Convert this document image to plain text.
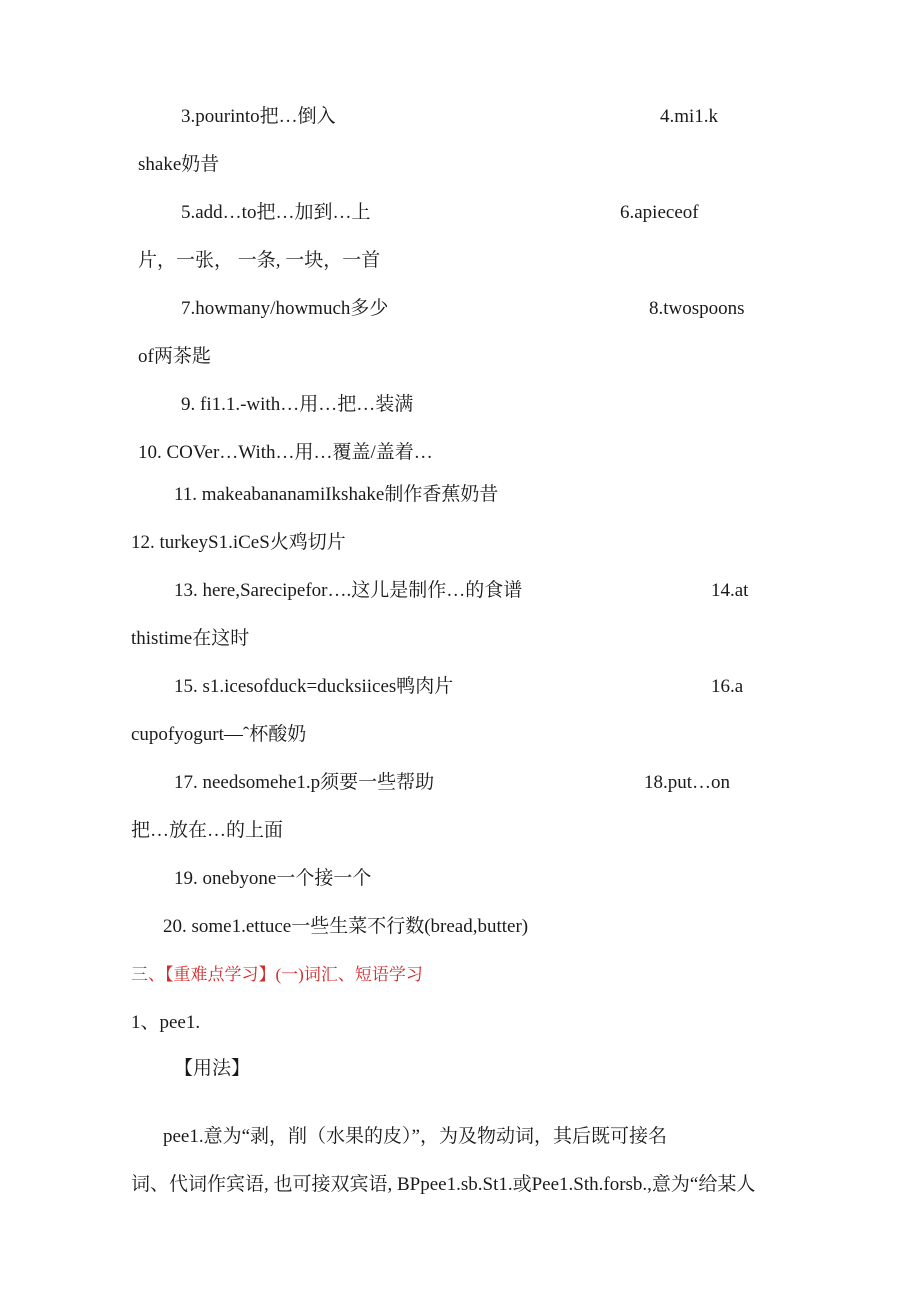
3.pourinto把…倒入	4.mi1.k
shake奶昔
5.add…to把…加到…上	6.apieceof
片，一张， 一条, 一块，一首
7.howmany/howmuch多少	8.twospoons
of两茶匙
9. fi1.1.-with…用…把…装满
10. COVer…With…用…覆盖/盖着…
11. makeabananamiIkshake制作香蕉奶昔
12. turkeyS1.iCeS火鸡切片
13. here,Sarecipefor….这儿是制作…的食谱	14.at
thistime在这时
15. s1.icesofduck=ducksiices鸭肉片	16.a
cupofyogurt—ˆ杯酸奶
17. needsomehe1.p须要一些帮助	18.put…on
把…放在…的上面
19. onebyone一个接一个
20. some1.ettuce一些生菜不行数(bread,butter)
三、【重难点学习】(一)词汇、短语学习
1、pee1.
【用法】
pee1.意为“剥，削（水果的皮）”，为及物动词，其后既可接名
词、代词作宾语, 也可接双宾语, BPpee1.sb.St1.或Pee1.Sth.forsb.,意为“给某人
